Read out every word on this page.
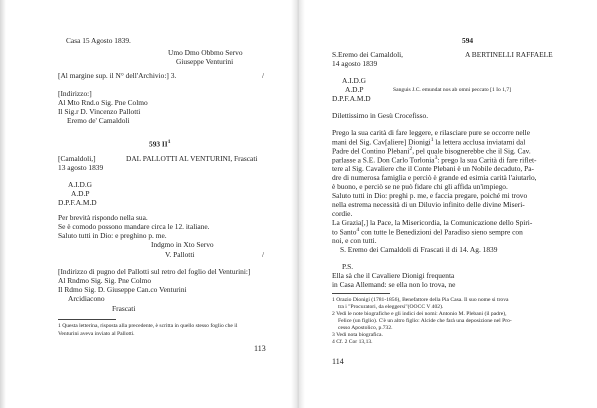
Casa 15 Agosto 1839.
Umo Dmo Obbmo Servo
Giuseppe Venturini
[Al margine sup. il N° dell'Archivio:] 3.	/
[Indirizzo:]
Al Mto Rnd.o Sig. Pne Colmo
Il Sig.r D. Vincenzo Pallotti
Eremo de' Camaldoli
593 $II^1$
[Camaldoli,]	DAL PALLOTTI AL VENTURINI, Frascati
13 agosto 1839
A.I.D.G
A.D.P
D.P.F.A.M.D
Per brevità rispondo nella sua.
Se è comodo possono mandare circa le 12. italiane.
Saluto tutti in Dio: e preghino p. me.
Indgmo in Xto Servo
V. Pallotti	/
[Indirizzo di pugno del Pallotti sul retro del foglio del Venturini:]
Al Rndmo Sig. Sig. Pne Colmo
Il Rdmo Sig. D. Giuseppe Can.co Venturini
Arcidiacono
Frascati
1 Questa letterina, risposta alla precedente, è scritta in quello stesso foglio che il
Venturini aveva inviato al Pallotti.
113
594
S.Eremo dei Camaldoli,	A BERTINELLI RAFFAELE
14 agosto 1839
A.I.D.G
A.D.P	Sanguis J.C. emundat nos ab omni peccato [1 Io 1,7]
D.P.F.A.M.D
Dilettissimo in Gesù Crocefisso.
Prego la sua carità di fare leggere, e rilasciare pure se occorre nelle
mani del Sig. Cav[aliere] Dionigi$^1$ la lettera acclusa inviatami dal
Padre del Contino Plebani$^2$, pel quale bisognerebbe che il Sig. Cav.
parlasse a S.E. Don Carlo Torlonia$^3$: prego la sua Carità di fare riflet-
tere al Sig. Cavaliere che il Conte Plebani è un Nobile decaduto, Pa-
dre di numerosa famiglia e perciò è grande ed esimia carità l'aiutarlo,
è buono, e perciò se ne può fidare chi gli affida un'impiego.
Saluto tutti in Dio: preghi p. me, e faccia pregare, poiché mi trovo
nella estrema necessità di un Diluvio infinito delle divine Miseri-
cordie.
La Grazia[,] la Pace, la Misericordia, la Comunicazione dello Spiri-
to Santo$^4$ con tutte le Benedizioni del Paradiso sieno sempre con
noi, e con tutti.
S. Eremo dei Camaldoli di Frascati il di 14. Ag. 1839
P.S.
Ella sà che il Cavaliere Dionigi frequenta
in Casa Allemand: se ella non lo trova, ne
1 Orazio Dionigi (1781-1856), Benefattore della Pia Casa. Il suo nome si trova
tra i "Procuratori, da eleggersi"(OOCC V 402).
2 Vedi le note biografiche e gli indici dei nomi: Antonio M. Plebani (il padre),
Felice (un figlio). C'è un altro figlio: Alcide che farà una deposizione nel Pro-
cesso Apostolico, p.732.
3 Vedi nota biografica.
4 Cf. 2 Cor 13,13.
114
